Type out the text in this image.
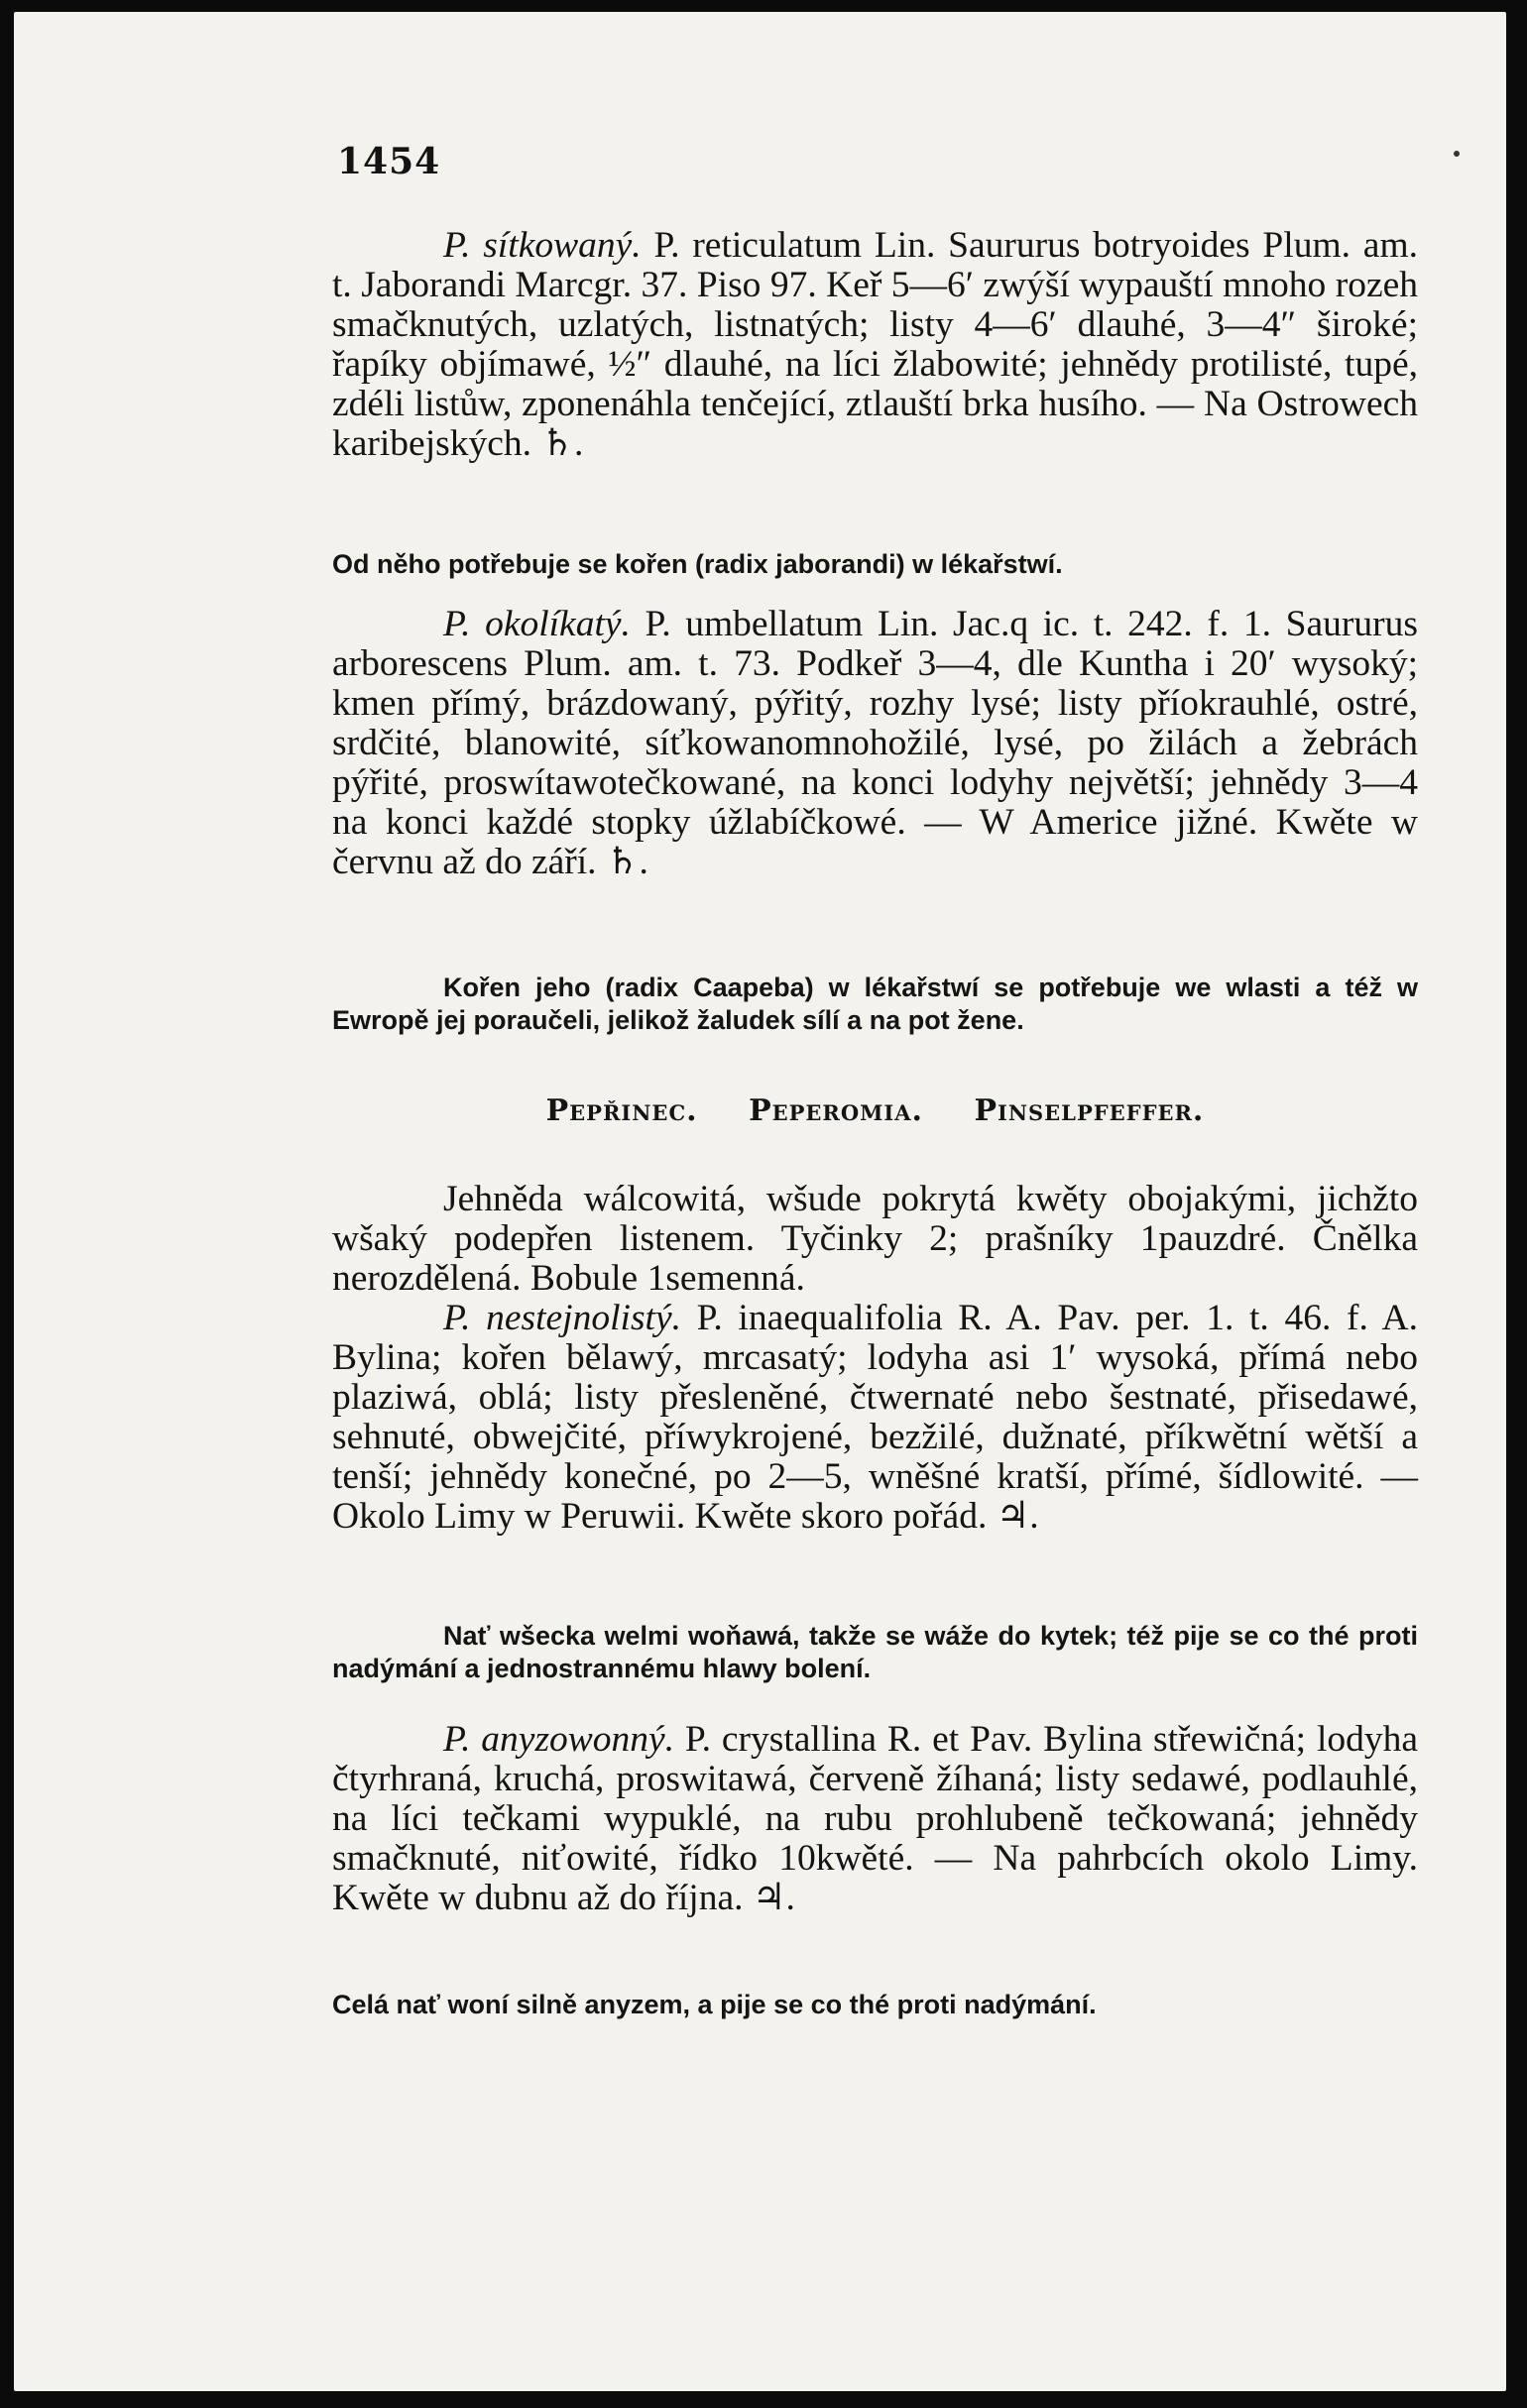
1454

P. sítkowaný. P. reticulatum Lin. Saururus botryoides Plum. am. t. Jaborandi Marcgr. 37. Piso 97. Keř 5—6′ zwýší wypauští mnoho rozeh smačknutých, uzlatých, listnatých; listy 4—6′ dlauhé, 3—4″ široké; řapíky objímawé, ½″ dlauhé, na líci žlabowité; jehnědy protilisté, tupé, zdéli listůw, zponenáhla tenčející, ztlauští brka husího. — Na Ostrowech karibejských. ♄.

Od něho potřebuje se kořen (radix jaborandi) w lékařstwí.

P. okolíkatý. P. umbellatum Lin. Jac.q ic. t. 242. f. 1. Saururus arborescens Plum. am. t. 73. Podkeř 3—4, dle Kuntha i 20′ wysoký; kmen přímý, brázdowaný, pýřitý, rozhy lysé; listy příokrauhlé, ostré, srdčité, blanowité, síťkowanomnohožilé, lysé, po žilách a žebrách pýřité, proswítawotečkowané, na konci lodyhy největší; jehnědy 3—4 na konci každé stopky úžlabíčkowé. — W Americe jižné. Kwěte w červnu až do září. ♄.

Kořen jeho (radix Caapeba) w lékařstwí se potřebuje we wlasti a též w Ewropě jej poraučeli, jelikož žaludek sílí a na pot žene.

Pepřinec. Peperomia. Pinselpfeffer.

Jehněda wálcowitá, wšude pokrytá kwěty obojakými, jichžto wšaký podepřen listenem. Tyčinky 2; prašníky 1pauzdré. Čnělka nerozdělená. Bobule 1semenná.

P. nestejnolistý. P. inaequalifolia R. A. Pav. per. 1. t. 46. f. A. Bylina; kořen bělawý, mrcasatý; lodyha asi 1′ wysoká, přímá nebo plaziwá, oblá; listy přesleněné, čtwernaté nebo šestnaté, přisedawé, sehnuté, obwejčité, příwykrojené, bezžilé, dužnaté, příkwětní wětší a tenší; jehnědy konečné, po 2—5, wněšné kratší, přímé, šídlowité. — Okolo Limy w Peruwii. Kwěte skoro pořád. ♃.

Nať wšecka welmi woňawá, takže se wáže do kytek; též pije se co thé proti nadýmání a jednostrannému hlawy bolení.

P. anyzowonný. P. crystallina R. et Pav. Bylina střewičná; lodyha čtyrhraná, kruchá, proswitawá, červeně žíhaná; listy sedawé, podlauhlé, na líci tečkami wypuklé, na rubu prohlubeně tečkowaná; jehnědy smačknuté, niťowité, řídko 10kwěté. — Na pahrbcích okolo Limy. Kwěte w dubnu až do října. ♃.

Celá nať woní silně anyzem, a pije se co thé proti nadýmání.
